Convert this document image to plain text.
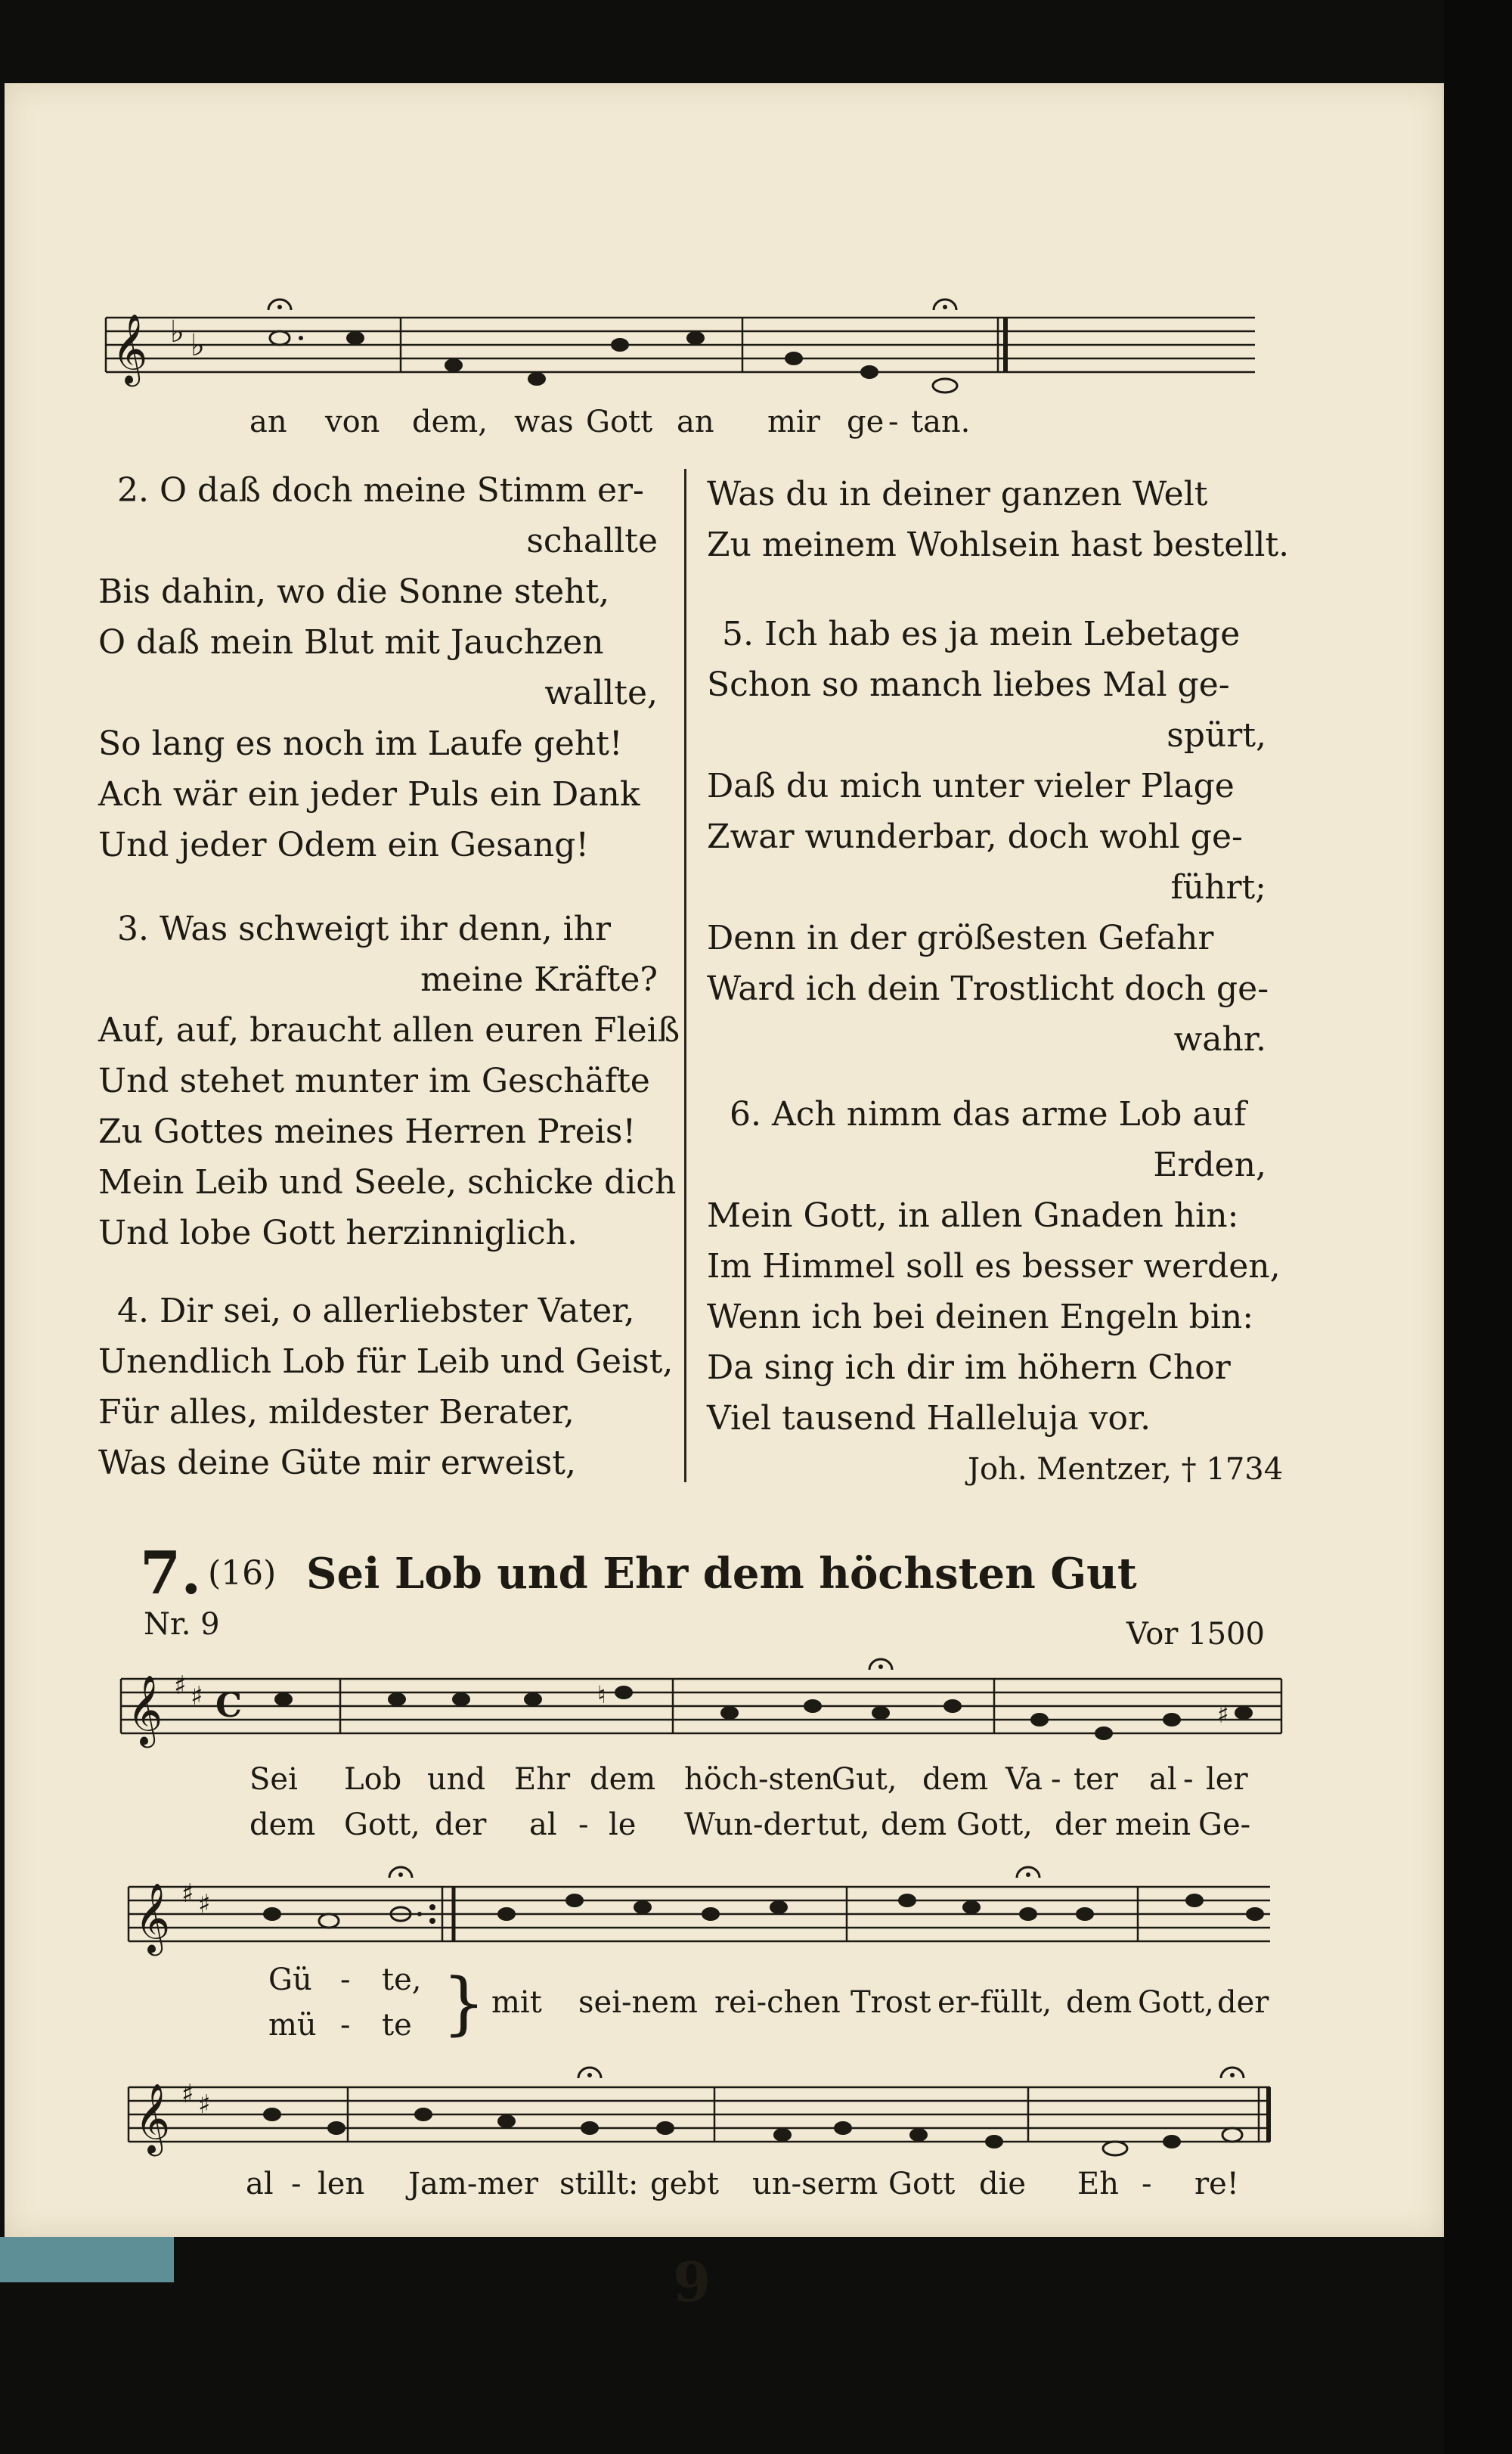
𝄞 ♭ ♭
an von dem, was Gott an mir ge - tan.
2. O daß doch meine Stimm er-
schallte
Bis dahin, wo die Sonne steht,
O daß mein Blut mit Jauchzen
wallte,
So lang es noch im Laufe geht!
Ach wär ein jeder Puls ein Dank
Und jeder Odem ein Gesang!
3. Was schweigt ihr denn, ihr
meine Kräfte?
Auf, auf, braucht allen euren Fleiß
Und stehet munter im Geschäfte
Zu Gottes meines Herren Preis!
Mein Leib und Seele, schicke dich
Und lobe Gott herzinniglich.
4. Dir sei, o allerliebster Vater,
Unendlich Lob für Leib und Geist,
Für alles, mildester Berater,
Was deine Güte mir erweist,
Was du in deiner ganzen Welt
Zu meinem Wohlsein hast bestellt.
5. Ich hab es ja mein Lebetage
Schon so manch liebes Mal ge-
spürt,
Daß du mich unter vieler Plage
Zwar wunderbar, doch wohl ge-
führt;
Denn in der größesten Gefahr
Ward ich dein Trostlicht doch ge-
wahr.
6. Ach nimm das arme Lob auf
Erden,
Mein Gott, in allen Gnaden hin:
Im Himmel soll es besser werden,
Wenn ich bei deinen Engeln bin:
Da sing ich dir im höhern Chor
Viel tausend Halleluja vor.
Joh. Mentzer, † 1734
7. (16) Sei Lob und Ehr dem höchsten Gut
Nr. 9	Vor 1500
𝄞 ♯ ♯ C	♮
♯
Sei Lob und Ehr dem höch-sten
Gut, dem Va - ter al - ler
dem Gott, der al - le Wun-der tut, dem Gott, der mein Ge-
𝄞 ♯ ♯
Gü - te,
mü - te } mit sei-nem rei-chen Trost er-füllt, dem Gott, der
𝄞 ♯ ♯
al - len Jam-mer stillt: gebt un-serm Gott die Eh - re!
9
